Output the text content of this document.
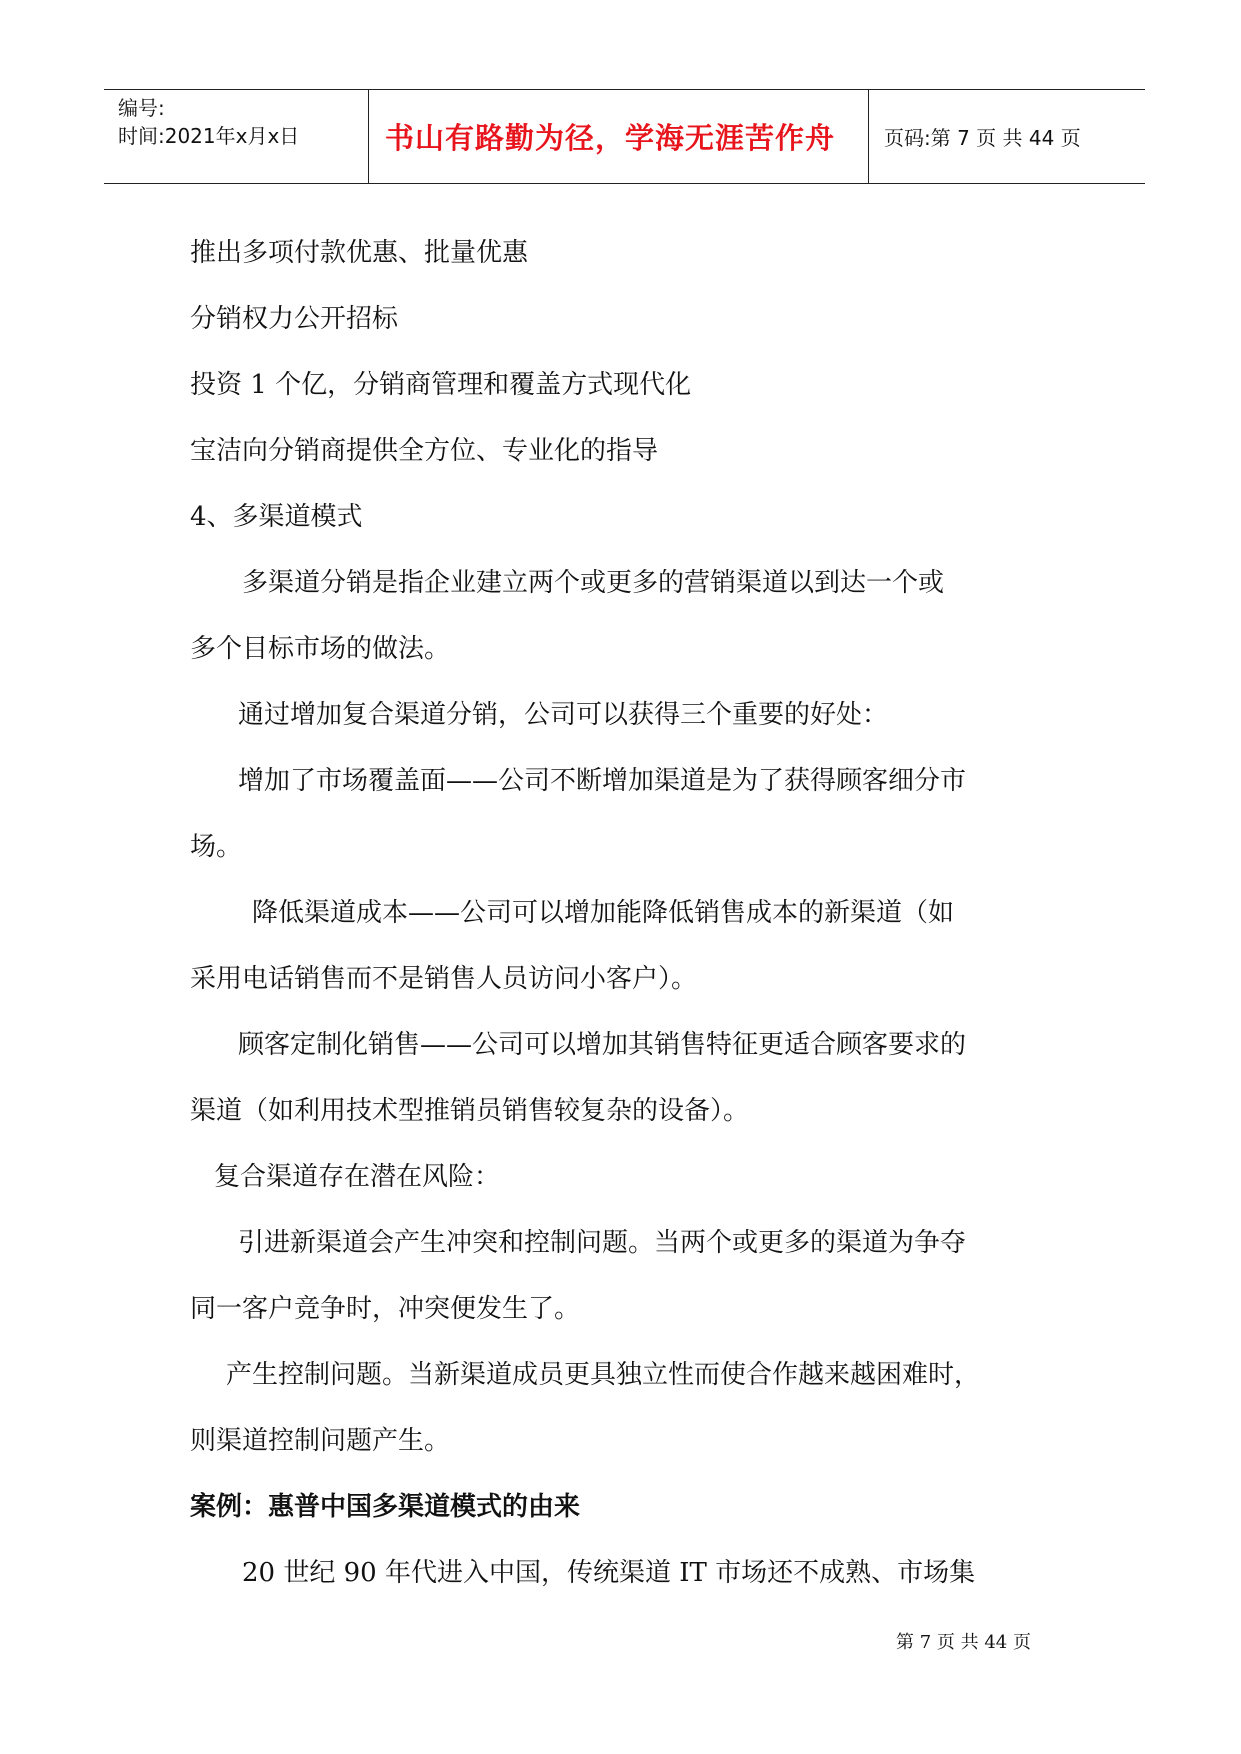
编号:
时间:2021年x月x日	书山有路勤为径，学海无涯苦作舟	页码:第 7 页 共 44 页

推出多项付款优惠、批量优惠

分销权力公开招标

投资 1 个亿，分销商管理和覆盖方式现代化

宝洁向分销商提供全方位、专业化的指导

4、多渠道模式

多渠道分销是指企业建立两个或更多的营销渠道以到达一个或

多个目标市场的做法。

通过增加复合渠道分销，公司可以获得三个重要的好处：

增加了市场覆盖面——公司不断增加渠道是为了获得顾客细分市

场。

降低渠道成本——公司可以增加能降低销售成本的新渠道（如

采用电话销售而不是销售人员访问小客户）。

顾客定制化销售——公司可以增加其销售特征更适合顾客要求的

渠道（如利用技术型推销员销售较复杂的设备）。

复合渠道存在潜在风险：

引进新渠道会产生冲突和控制问题。当两个或更多的渠道为争夺

同一客户竞争时，冲突便发生了。

产生控制问题。当新渠道成员更具独立性而使合作越来越困难时，

则渠道控制问题产生。

案例：惠普中国多渠道模式的由来

20 世纪 90 年代进入中国，传统渠道 IT 市场还不成熟、市场集

第 7 页 共 44 页
